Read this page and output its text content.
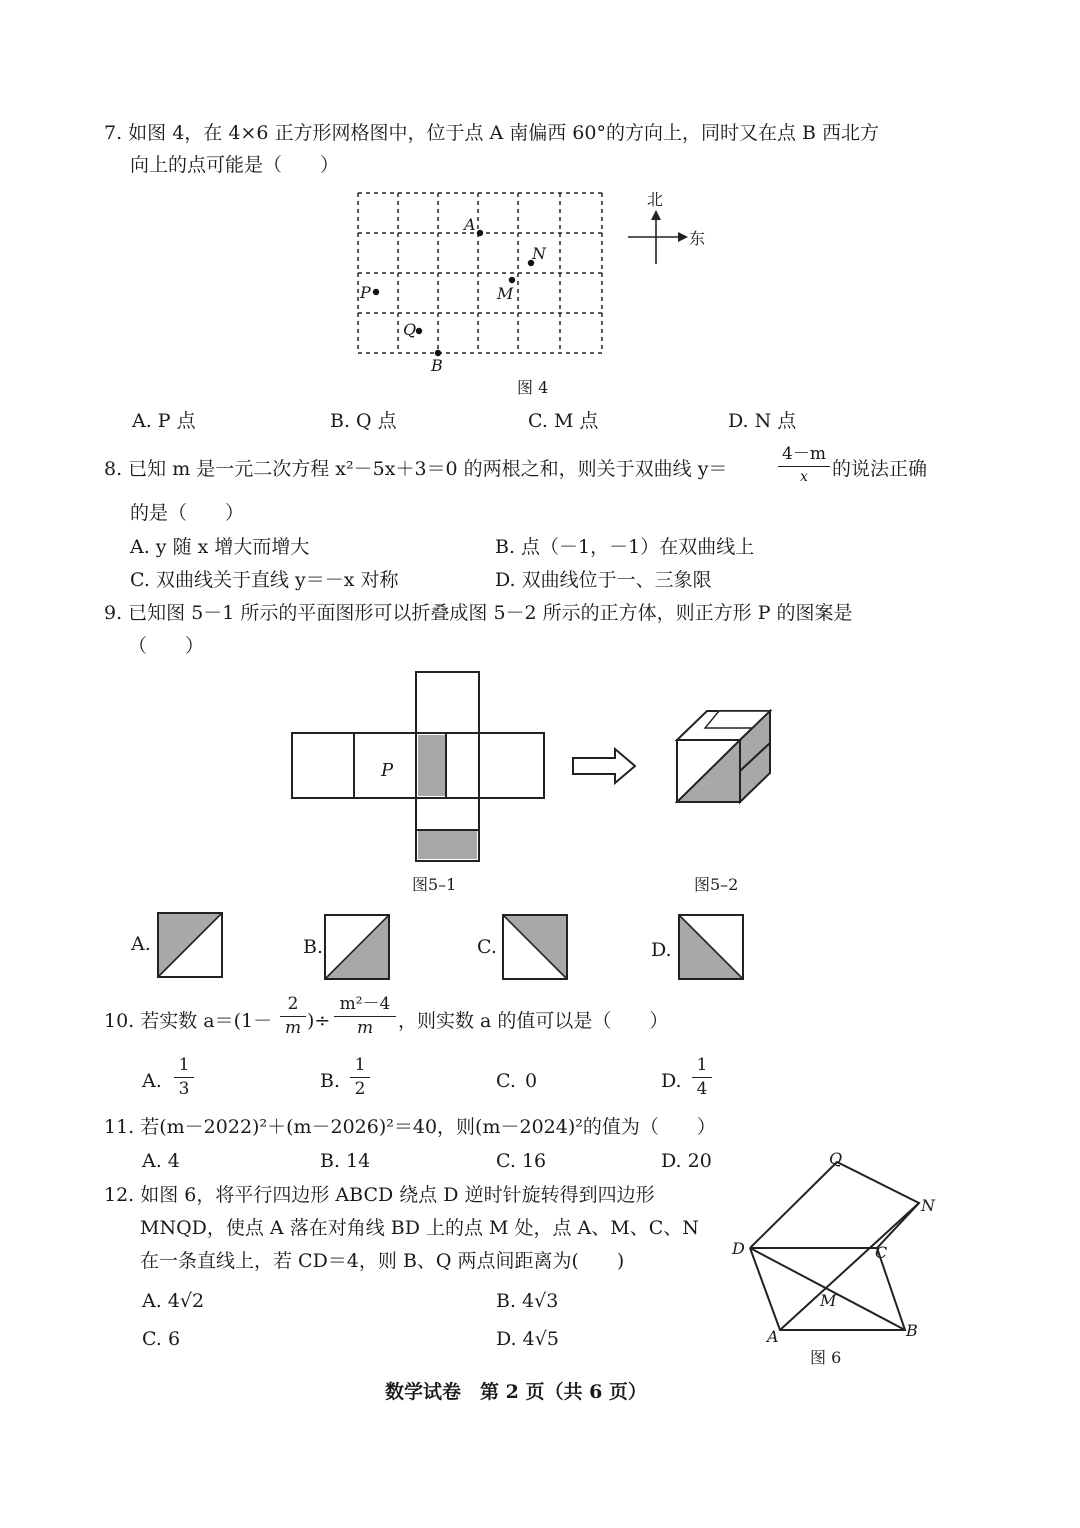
7. 如图 4，在 4×6 正方形网格图中，位于点 A 南偏西 60°的方向上，同时又在点 B 西北方
向上的点可能是（　　）
A
N
M
P
Q
B
北
东
图 4
A. P 点	B. Q 点	C. M 点	D. N 点
8. 已知 m 是一元二次方程 x²－5x＋3＝0 的两根之和，则关于双曲线 y＝
4－m
x	的说法正确
的是（　　）
A. y 随 x 增大而增大	B. 点（－1，－1）在双曲线上
C. 双曲线关于直线 y＝－x 对称	D. 双曲线位于一、三象限
9. 已知图 5－1 所示的平面图形可以折叠成图 5－2 所示的正方体，则正方形 P 的图案是
（　　）
P
图5–1	图5–2
A.	B.	C.	D.
10. 若实数 $a=(1- \frac{2}{m}$ )÷ $\frac{\text{m²－4}}{m}$ ，则实数 a 的值可以是（　　）
A. $\frac{1}{3}$	B. $\frac{1}{2}$	C. 0	D. $\frac{1}{4}$
11. 若(m－2022)²＋(m－2026)²＝40，则(m－2024)²的值为（　　）
A. 4	B. 14	C. 16	D. 20
12. 如图 6，将平行四边形 ABCD 绕点 D 逆时针旋转得到四边形
MNQD，使点 A 落在对角线 BD 上的点 M 处，点 A、M、C、N
在一条直线上，若 CD＝4，则 B、Q 两点间距离为(　　)
A. 4√2	B. 4√3
C. 6	D. 4√5
Q
N
D	C
M
A	B
图 6
数学试卷　第 2 页（共 6 页）
